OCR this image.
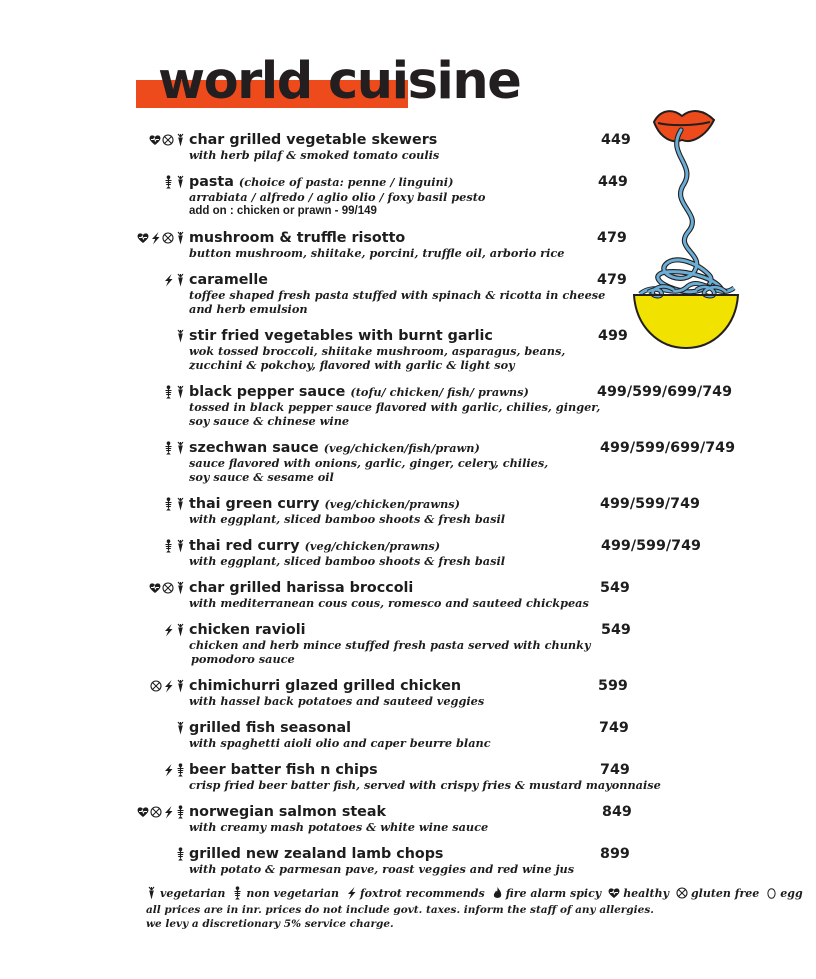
world cuisine
char grilled vegetable skewers
with herb pilaf & smoked tomato coulis
449
pasta (choice of pasta: penne / linguini)
arrabiata / alfredo / aglio olio / foxy basil pesto
add on : chicken or prawn - 99/149
449
mushroom & truffle risotto
button mushroom, shiitake, porcini, truffle oil, arborio rice
479
caramelle
toffee shaped fresh pasta stuffed with spinach & ricotta in cheese
and herb emulsion
479
stir fried vegetables with burnt garlic
wok tossed broccoli, shiitake mushroom, asparagus, beans,
zucchini & pokchoy, flavored with garlic & light soy
499
black pepper sauce (tofu/ chicken/ fish/ prawns)
tossed in black pepper sauce flavored with garlic, chilies, ginger,
soy sauce & chinese wine
499/599/699/749
szechwan sauce (veg/chicken/fish/prawn)
sauce flavored with onions, garlic, ginger, celery, chilies,
soy sauce & sesame oil
499/599/699/749
thai green curry (veg/chicken/prawns)
with eggplant, sliced bamboo shoots & fresh basil
499/599/749
thai red curry (veg/chicken/prawns)
with eggplant, sliced bamboo shoots & fresh basil
499/599/749
char grilled harissa broccoli
with mediterranean cous cous, romesco and sauteed chickpeas
549
chicken ravioli
chicken and herb mince stuffed fresh pasta served with chunky
pomodoro sauce
549
chimichurri glazed grilled chicken
with hassel back potatoes and sauteed veggies
599
grilled fish seasonal
with spaghetti aioli olio and caper beurre blanc
749
beer batter fish n chips
crisp fried beer batter fish, served with crispy fries & mustard mayonnaise
749
norwegian salmon steak
with creamy mash potatoes & white wine sauce
849
grilled new zealand lamb chops
with potato & parmesan pave, roast veggies and red wine jus
899
vegetarian non vegetarian foxtrot recommends fire alarm spicy healthy gluten free egg
all prices are in inr. prices do not include govt. taxes. inform the staff of any allergies.
we levy a discretionary 5% service charge.
